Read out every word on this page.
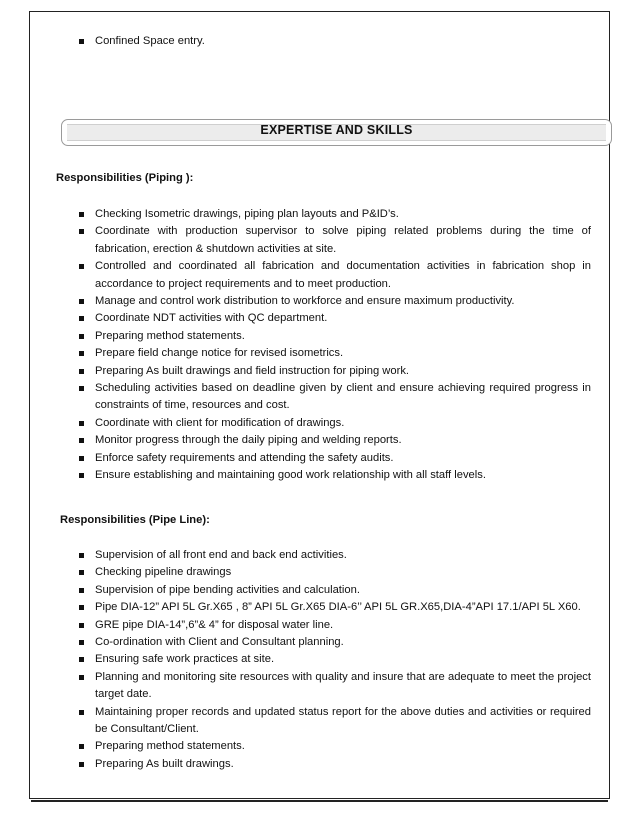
Confined Space entry.
EXPERTISE AND SKILLS
Responsibilities (Piping ):
Checking Isometric drawings, piping plan layouts and P&ID’s.
Coordinate with production supervisor to solve piping related problems during the time of fabrication, erection & shutdown activities at site.
Controlled and coordinated all fabrication and documentation activities in fabrication shop in accordance to project requirements and to meet production.
Manage and control work distribution to workforce and ensure maximum productivity.
Coordinate NDT activities with QC department.
Preparing method statements.
Prepare field change notice for revised isometrics.
Preparing As built drawings and field instruction for piping work.
Scheduling activities based on deadline given by client and ensure achieving required progress in constraints of time, resources and cost.
Coordinate with client for modification of drawings.
Monitor progress through the daily piping and welding reports.
Enforce safety requirements and attending the safety audits.
Ensure establishing and maintaining good work relationship with all staff levels.
Responsibilities (Pipe Line):
Supervision of all front end and back end activities.
Checking pipeline drawings
Supervision of pipe bending activities and calculation.
Pipe DIA-12” API 5L Gr.X65 , 8” API 5L Gr.X65 DIA-6’’ API 5L GR.X65,DIA-4”API 17.1/API 5L X60.
GRE pipe DIA-14”,6”& 4” for disposal water line.
Co-ordination with Client and Consultant planning.
Ensuring safe work practices at site.
Planning and monitoring site resources with quality and insure that are adequate to meet the project target date.
Maintaining proper records and updated status report for the above duties and activities or required be Consultant/Client.
Preparing method statements.
Preparing As built drawings.
